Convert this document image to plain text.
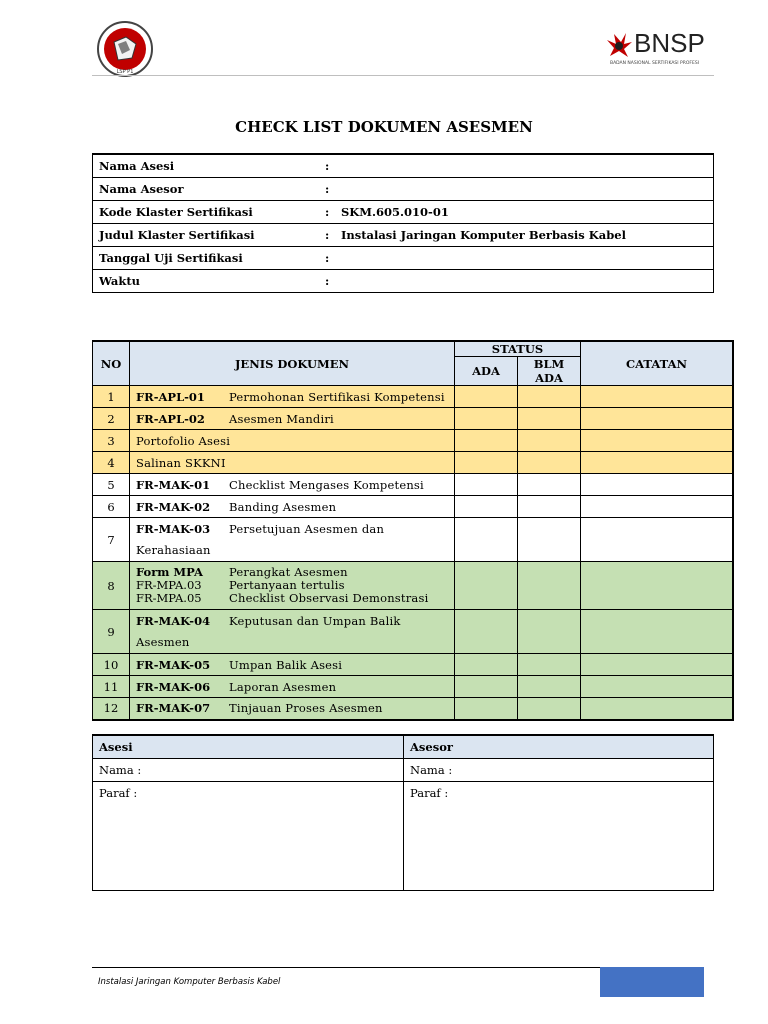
LSP P1
BNSP
BADAN NASIONAL SERTIFIKASI PROFESI
CHECK LIST DOKUMEN ASESMEN
Nama Asesi	:	
Nama Asesor	:	
Kode Klaster Sertifikasi	:	SKM.605.010-01
Judul Klaster Sertifikasi	:	Instalasi Jaringan Komputer Berbasis Kabel
Tanggal Uji Sertifikasi	:	
Waktu	:	
NO	JENIS DOKUMEN	STATUS		CATATAN
		ADA	BLM ADA	
1	FR-APL-01 Permohonan Sertifikasi Kompetensi			
2	FR-APL-02 Asesmen Mandiri			
3	Portofolio Asesi			
4	Salinan SKKNI			
5	FR-MAK-01 Checklist Mengases Kompetensi			
6	FR-MAK-02 Banding Asesmen			
7	FR-MAK-03 Persetujuan Asesmen dan Kerahasiaan			
8	Form MPA Perangkat Asesmen
FR-MPA.03 Pertanyaan tertulis
FR-MPA.05 Checklist Observasi Demonstrasi			

9	FR-MAK-04 Keputusan dan Umpan Balik Asesmen			
10	FR-MAK-05 Umpan Balik Asesi			
11	FR-MAK-06 Laporan Asesmen			
12	FR-MAK-07 Tinjauan Proses Asesmen			
Asesi	Asesor
Nama :	Nama :
Paraf :	Paraf :
Instalasi Jaringan Komputer Berbasis Kabel
